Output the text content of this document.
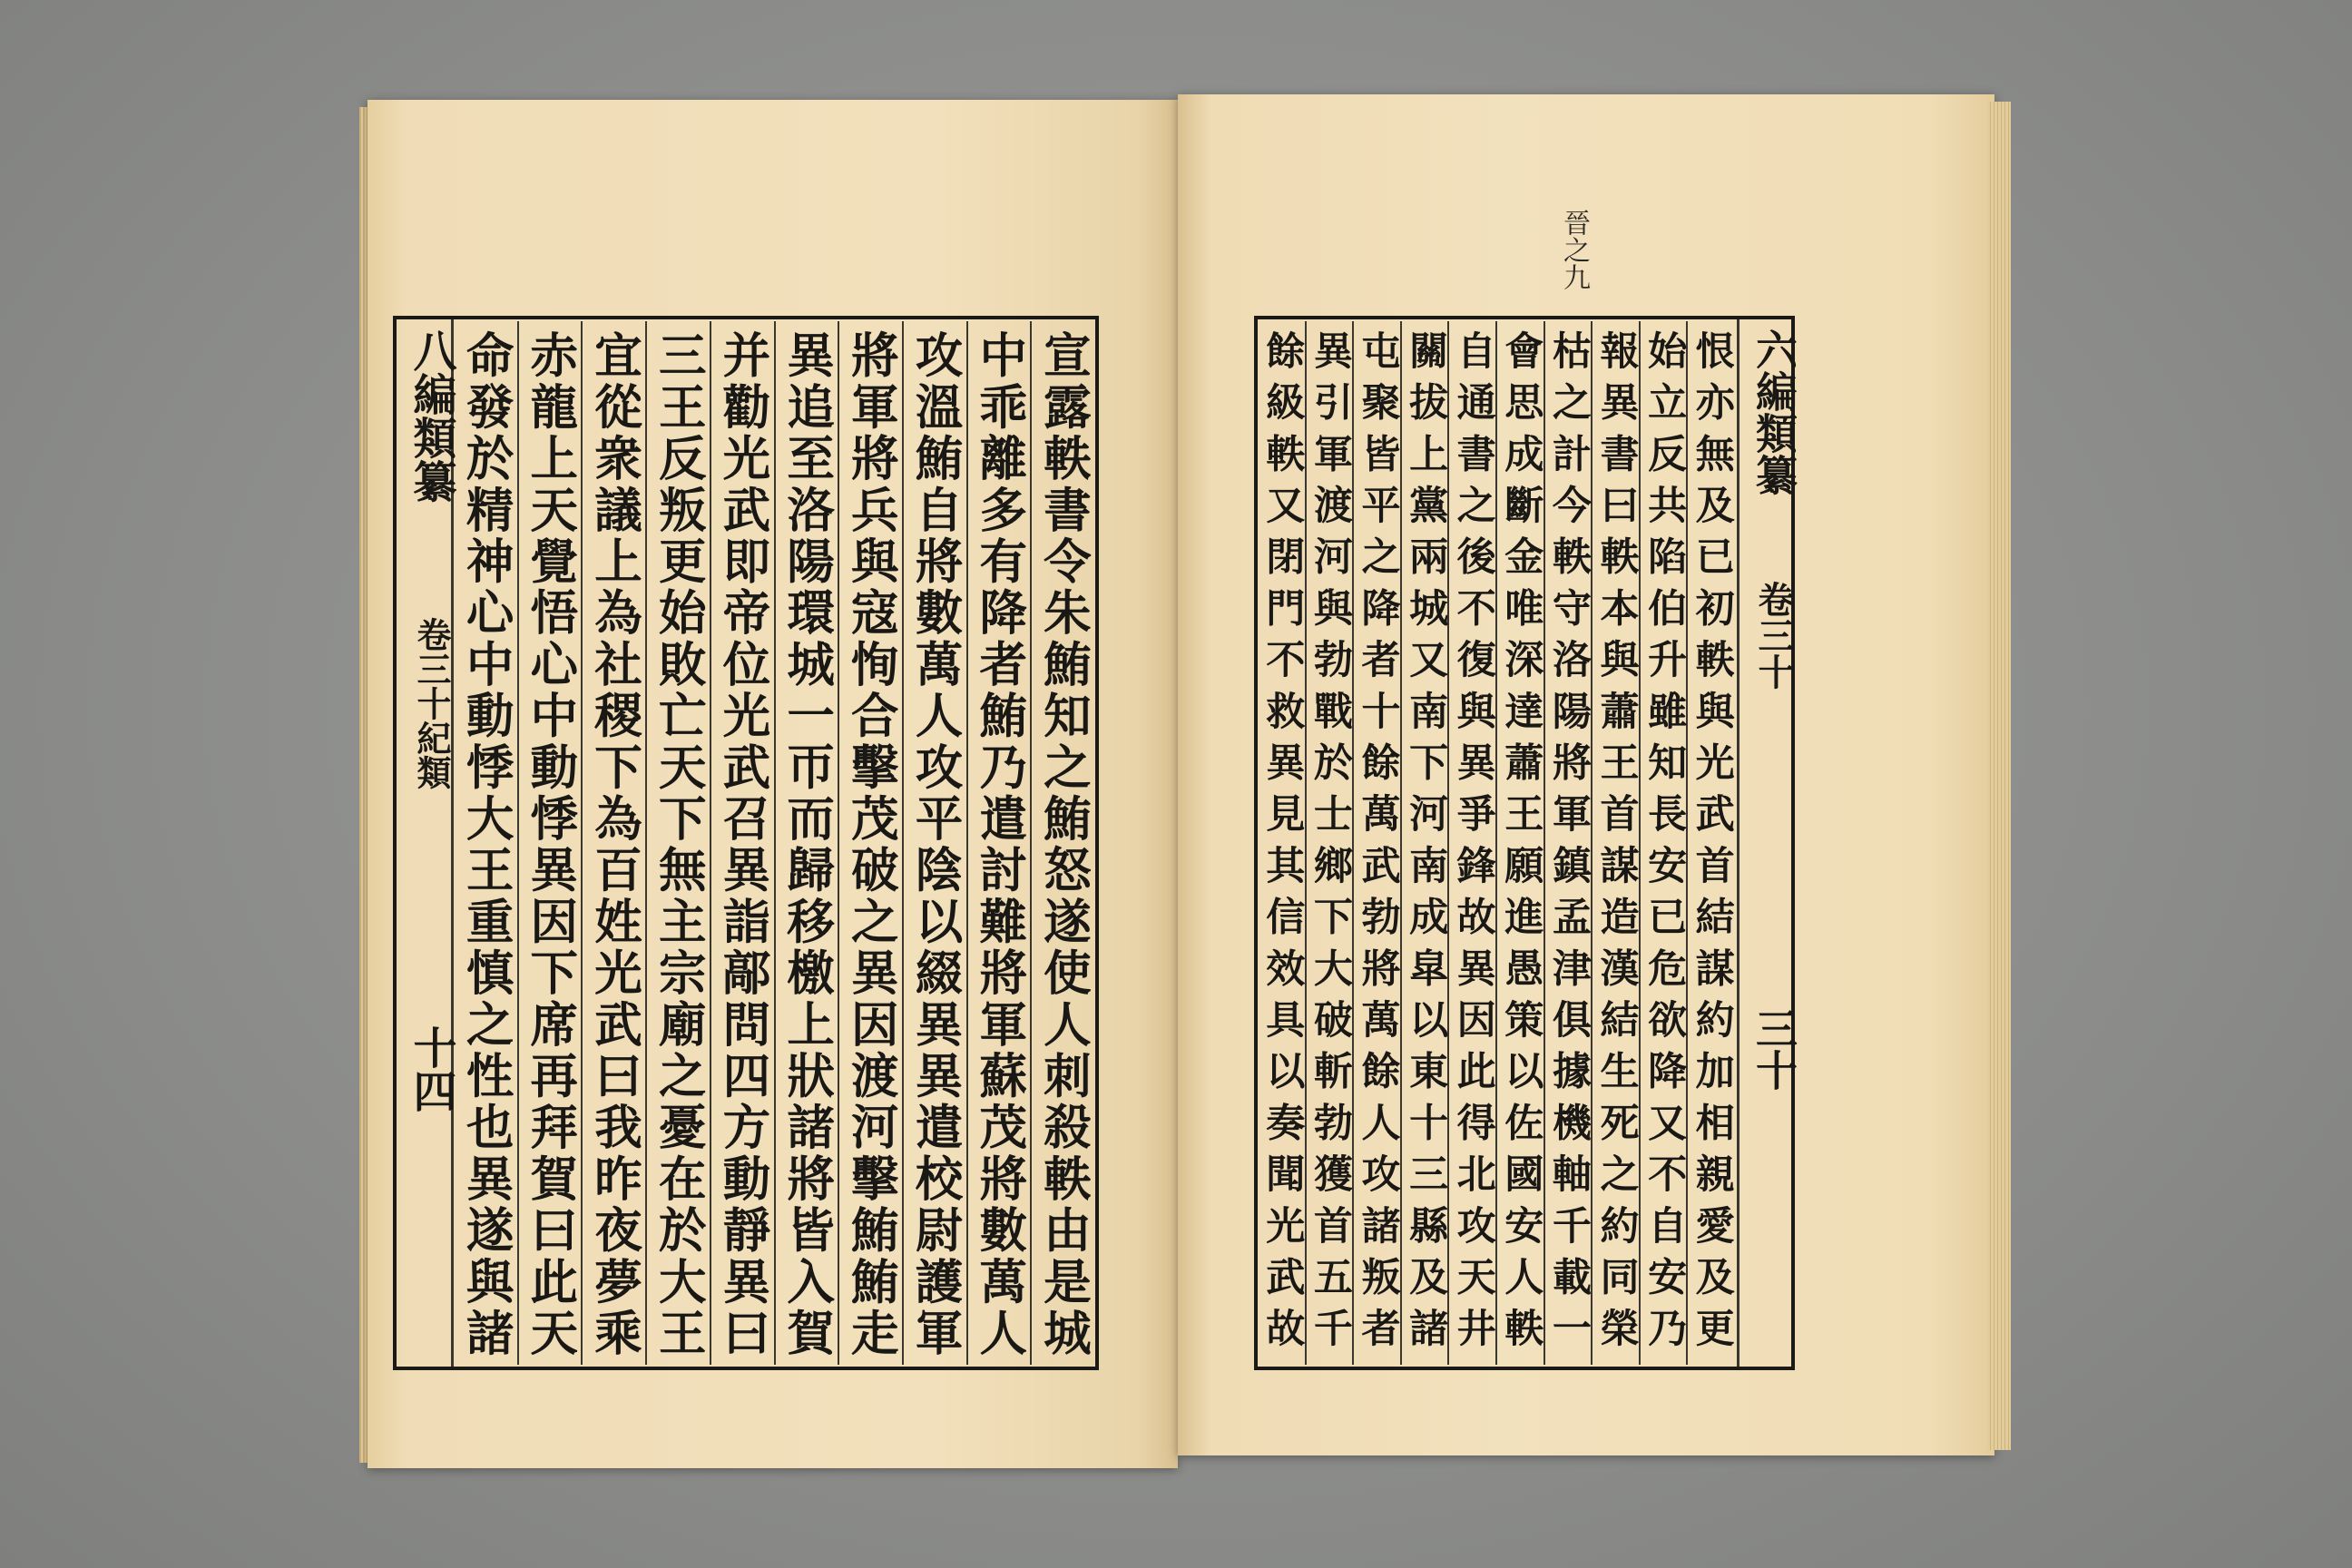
八編類纂
卷三十紀類
十四
六編類纂
卷三十
三十
晉之九
宣露軼書令朱鮪知之鮪怒遂使人刺殺軼由是城
中乖離多有降者鮪乃遣討難將軍蘇茂將數萬人
攻溫鮪自將數萬人攻平陰以綴異異遣校尉護軍
將軍將兵與寇恂合擊茂破之異因渡河擊鮪鮪走
異追至洛陽環城一帀而歸移檄上狀諸將皆入賀
并勸光武即帝位光武召異詣鄗問四方動靜異曰
三王反叛更始敗亡天下無主宗廟之憂在於大王
宜從衆議上為社稷下為百姓光武曰我昨夜夢乘
赤龍上天覺悟心中動悸異因下席再拜賀曰此天
命發於精神心中動悸大王重慎之性也異遂與諸	恨亦無及已初軼與光武首結謀約加相親愛及更
始立反共陷伯升雖知長安已危欲降又不自安乃
報異書曰軼本與蕭王首謀造漢結生死之約同榮
枯之計今軼守洛陽將軍鎮孟津俱據機軸千載一
會思成斷金唯深達蕭王願進愚策以佐國安人軼
自通書之後不復與異爭鋒故異因此得北攻天井
關拔上黨兩城又南下河南成皐以東十三縣及諸
屯聚皆平之降者十餘萬武勃將萬餘人攻諸叛者
異引軍渡河與勃戰於士鄉下大破斬勃獲首五千
餘級軼又閉門不救異見其信效具以奏聞光武故
